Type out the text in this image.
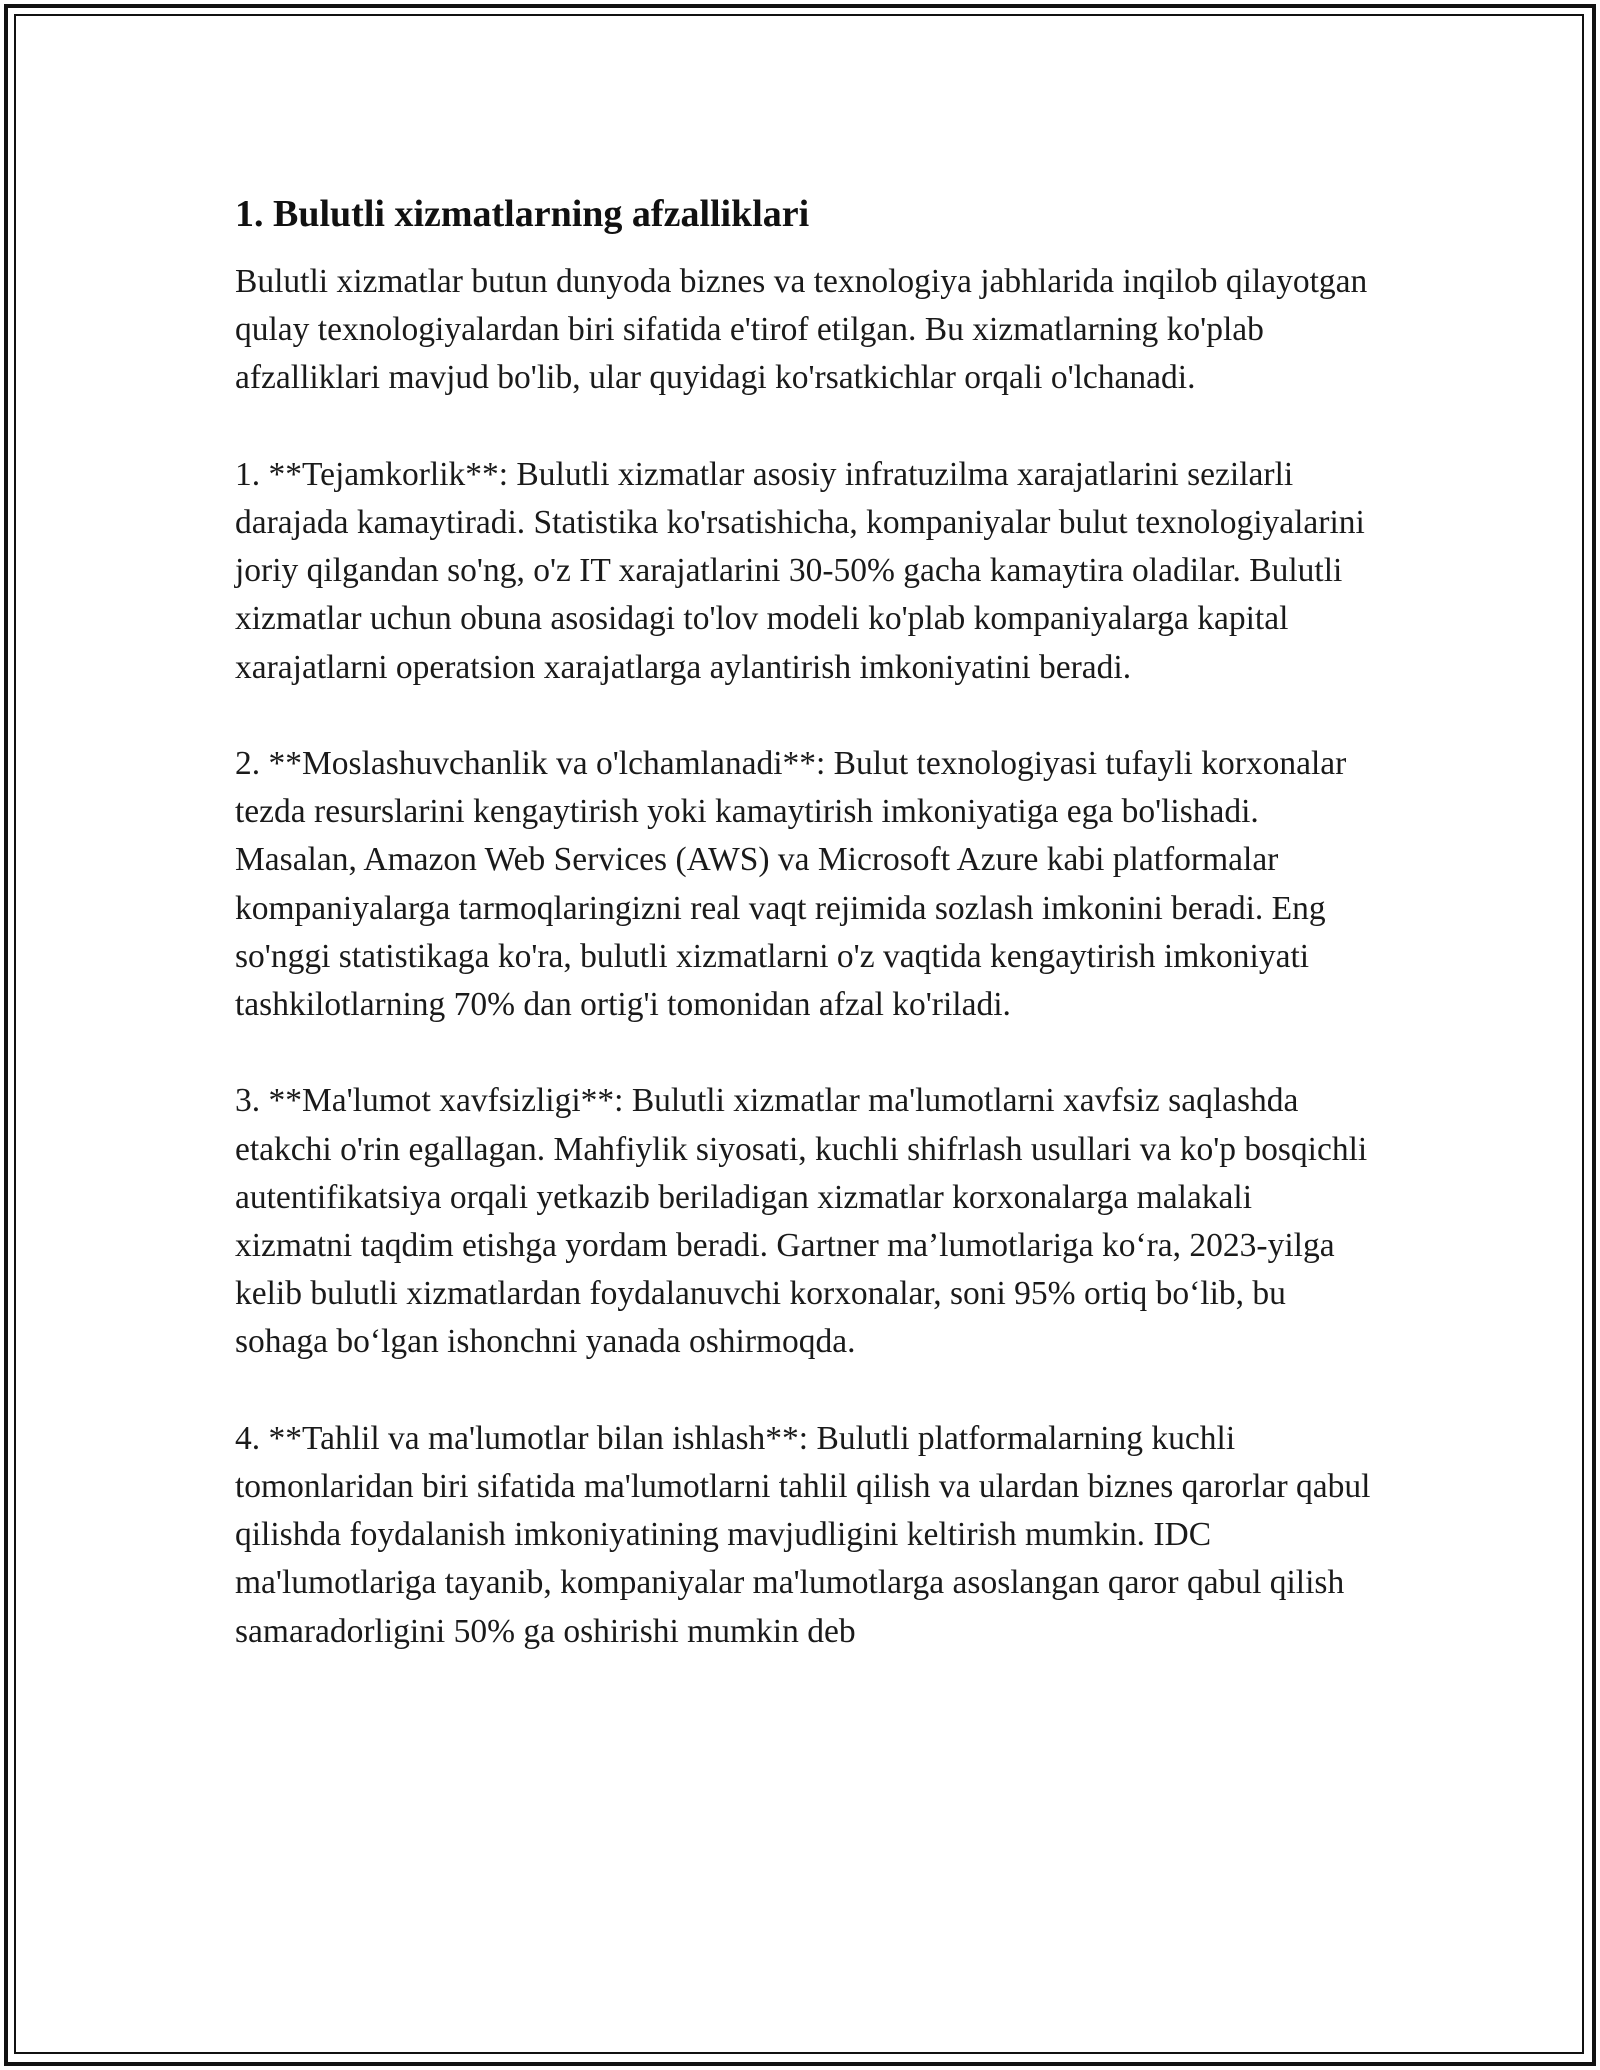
1. Bulutli xizmatlarning afzalliklari

Bulutli xizmatlar butun dunyoda biznes va texnologiya jabhlarida inqilob qilayotgan qulay texnologiyalardan biri sifatida e'tirof etilgan. Bu xizmatlarning ko'plab afzalliklari mavjud bo'lib, ular quyidagi ko'rsatkichlar orqali o'lchanadi.

1. **Tejamkorlik**: Bulutli xizmatlar asosiy infratuzilma xarajatlarini sezilarli darajada kamaytiradi. Statistika ko'rsatishicha, kompaniyalar bulut texnologiyalarini joriy qilgandan so'ng, o'z IT xarajatlarini 30-50% gacha kamaytira oladilar. Bulutli xizmatlar uchun obuna asosidagi to'lov modeli ko'plab kompaniyalarga kapital xarajatlarni operatsion xarajatlarga aylantirish imkoniyatini beradi.

2. **Moslashuvchanlik va o'lchamlanadi**: Bulut texnologiyasi tufayli korxonalar tezda resurslarini kengaytirish yoki kamaytirish imkoniyatiga ega bo'lishadi. Masalan, Amazon Web Services (AWS) va Microsoft Azure kabi platformalar kompaniyalarga tarmoqlaringizni real vaqt rejimida sozlash imkonini beradi. Eng so'nggi statistikaga ko'ra, bulutli xizmatlarni o'z vaqtida kengaytirish imkoniyati tashkilotlarning 70% dan ortig'i tomonidan afzal ko'riladi.

3. **Ma'lumot xavfsizligi**: Bulutli xizmatlar ma'lumotlarni xavfsiz saqlashda etakchi o'rin egallagan. Mahfiylik siyosati, kuchli shifrlash usullari va ko'p bosqichli autentifikatsiya orqali yetkazib beriladigan xizmatlar korxonalarga malakali xizmatni taqdim etishga yordam beradi. Gartner ma’lumotlariga ko‘ra, 2023-yilga kelib bulutli xizmatlardan foydalanuvchi korxonalar, soni 95% ortiq bo‘lib, bu sohaga bo‘lgan ishonchni yanada oshirmoqda.

4. **Tahlil va ma'lumotlar bilan ishlash**: Bulutli platformalarning kuchli tomonlaridan biri sifatida ma'lumotlarni tahlil qilish va ulardan biznes qarorlar qabul qilishda foydalanish imkoniyatining mavjudligini keltirish mumkin. IDC ma'lumotlariga tayanib, kompaniyalar ma'lumotlarga asoslangan qaror qabul qilish samaradorligini 50% ga oshirishi mumkin deb
